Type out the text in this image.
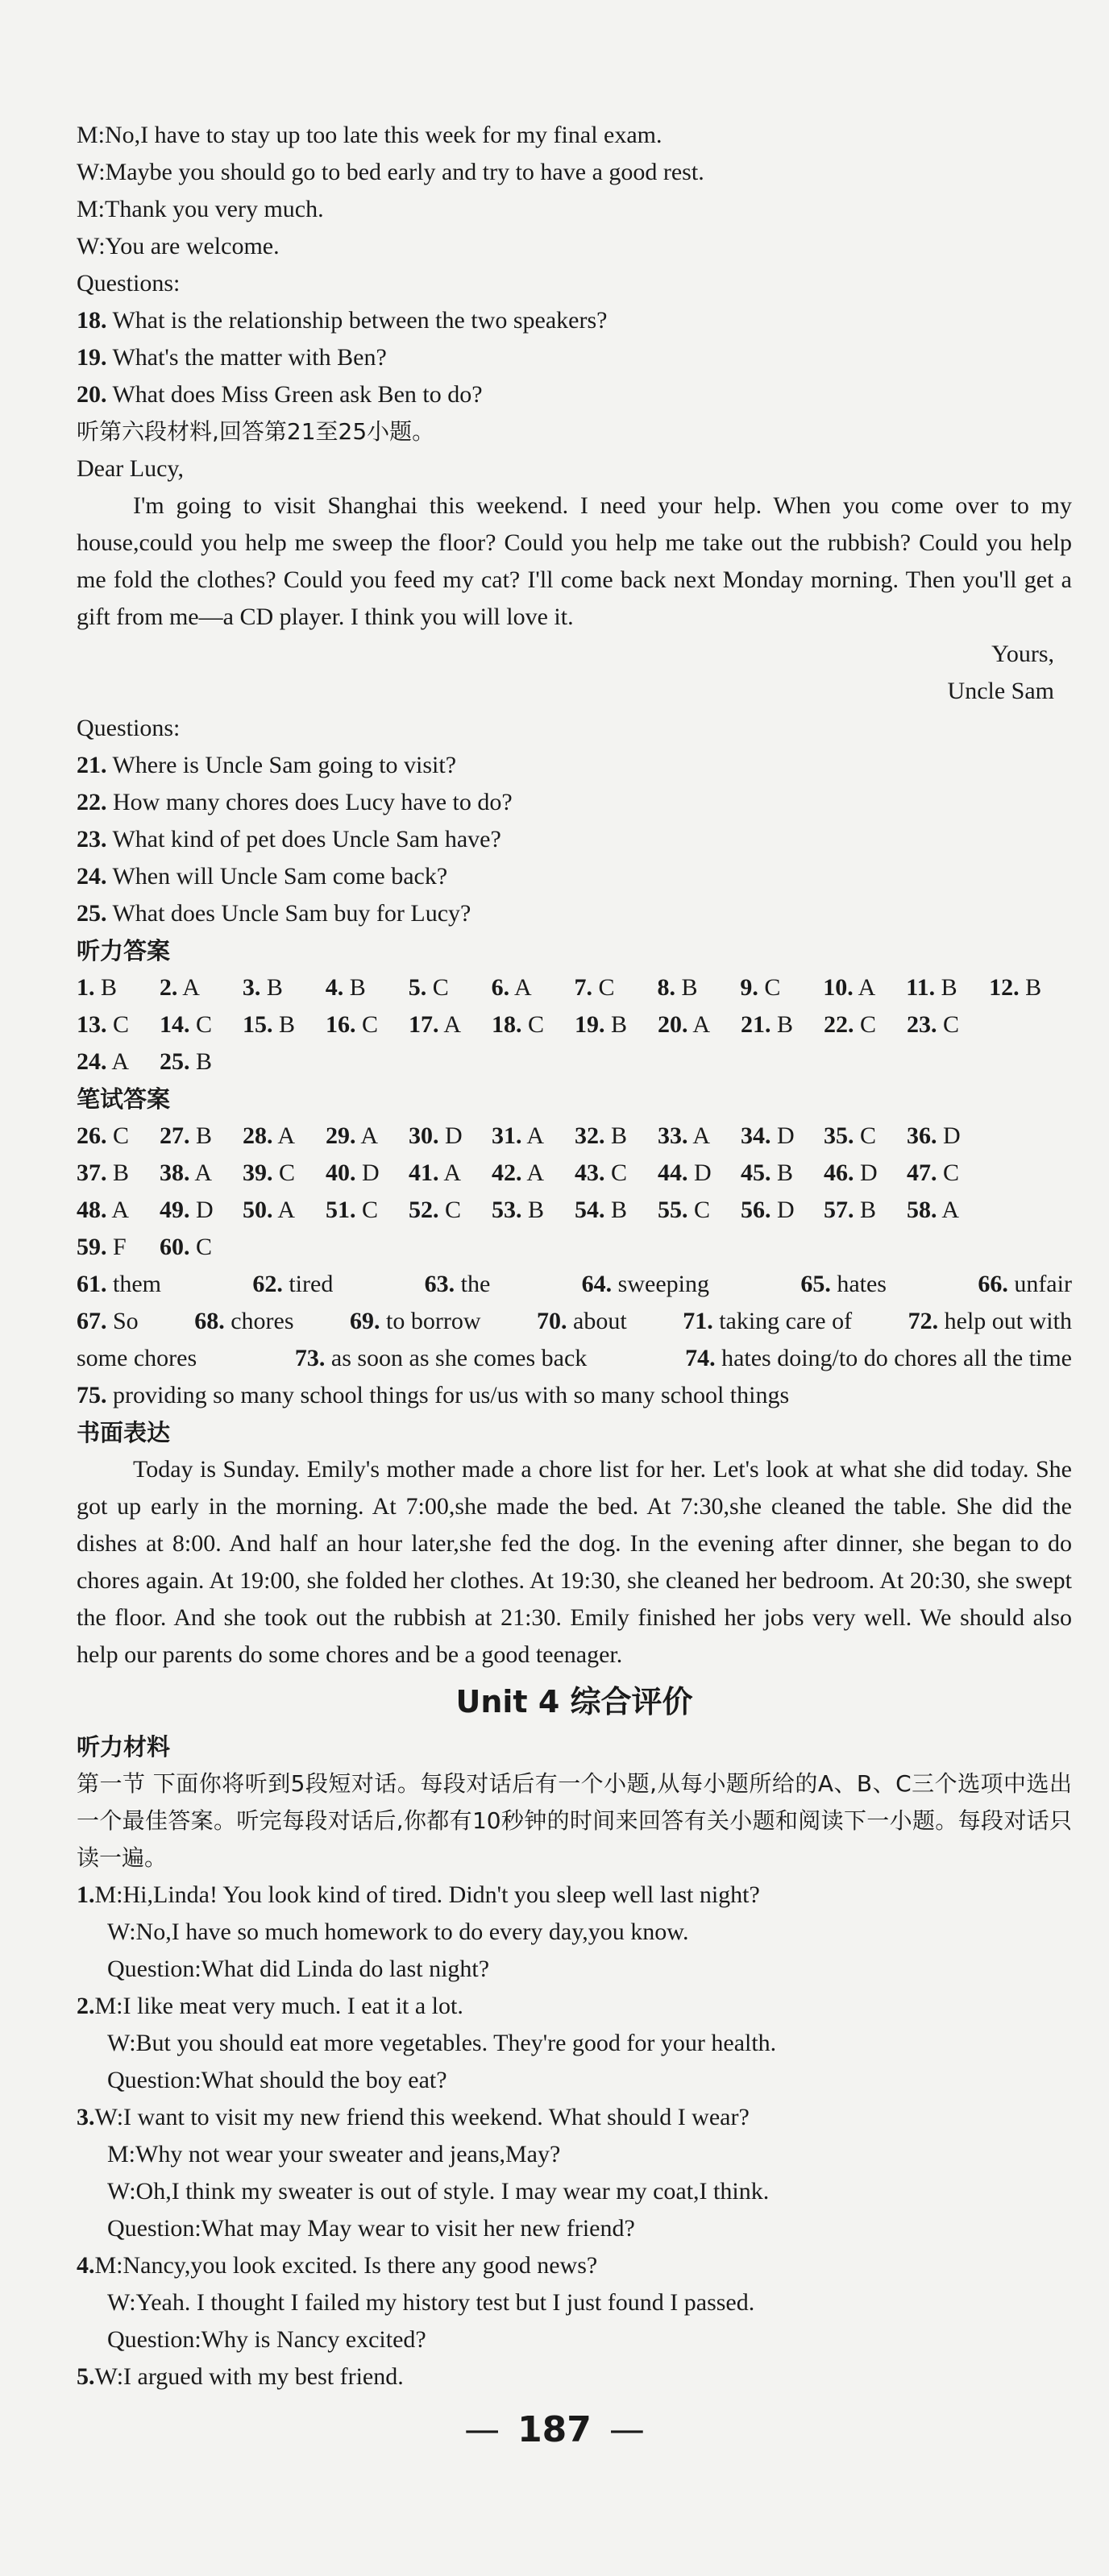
M:No,I have to stay up too late this week for my final exam.
W:Maybe you should go to bed early and try to have a good rest.
M:Thank you very much.
W:You are welcome.
Questions:
18. What is the relationship between the two speakers?
19. What's the matter with Ben?
20. What does Miss Green ask Ben to do?
听第六段材料,回答第21至25小题。
Dear Lucy,
I'm going to visit Shanghai this weekend. I need your help. When you come over to my house,could you help me sweep the floor? Could you help me take out the rubbish? Could you help me fold the clothes? Could you feed my cat? I'll come back next Monday morning. Then you'll get a gift from me—a CD player. I think you will love it.
Yours,
Uncle Sam
Questions:
21. Where is Uncle Sam going to visit?
22. How many chores does Lucy have to do?
23. What kind of pet does Uncle Sam have?
24. When will Uncle Sam come back?
25. What does Uncle Sam buy for Lucy?
听力答案
1. B	2. A	3. B	4. B	5. C	6. A	7. C	8. B	9. C	10. A	11. B	12. B
13. C	14. C	15. B	16. C	17. A	18. C	19. B	20. A	21. B	22. C	23. C
24. A	25. B
笔试答案
26. C	27. B	28. A	29. A	30. D	31. A	32. B	33. A	34. D	35. C	36. D
37. B	38. A	39. C	40. D	41. A	42. A	43. C	44. D	45. B	46. D	47. C
48. A	49. D	50. A	51. C	52. C	53. B	54. B	55. C	56. D	57. B	58. A
59. F	60. C
61. them	62. tired	63. the	64. sweeping	65. hates	66. unfair
67. So 68. chores 69. to borrow 70. about 71. taking care of 72. help out with
some chores	73. as soon as she comes back	74. hates doing/to do chores all the time
75. providing so many school things for us/us with so many school things
书面表达
Today is Sunday. Emily's mother made a chore list for her. Let's look at what she did today. She got up early in the morning. At 7:00,she made the bed. At 7:30,she cleaned the table. She did the dishes at 8:00. And half an hour later,she fed the dog. In the evening after dinner, she began to do chores again. At 19:00, she folded her clothes. At 19:30, she cleaned her bedroom. At 20:30, she swept the floor. And she took out the rubbish at 21:30. Emily finished her jobs very well. We should also help our parents do some chores and be a good teenager.
Unit 4 综合评价
听力材料
第一节 下面你将听到5段短对话。每段对话后有一个小题,从每小题所给的A、B、C三个选项中选出一个最佳答案。听完每段对话后,你都有10秒钟的时间来回答有关小题和阅读下一小题。每段对话只读一遍。
1.M:Hi,Linda! You look kind of tired. Didn't you sleep well last night?
W:No,I have so much homework to do every day,you know.
Question:What did Linda do last night?
2.M:I like meat very much. I eat it a lot.
W:But you should eat more vegetables. They're good for your health.
Question:What should the boy eat?
3.W:I want to visit my new friend this weekend. What should I wear?
M:Why not wear your sweater and jeans,May?
W:Oh,I think my sweater is out of style. I may wear my coat,I think.
Question:What may May wear to visit her new friend?
4.M:Nancy,you look excited. Is there any good news?
W:Yeah. I thought I failed my history test but I just found I passed.
Question:Why is Nancy excited?
5.W:I argued with my best friend.
— 187 —
